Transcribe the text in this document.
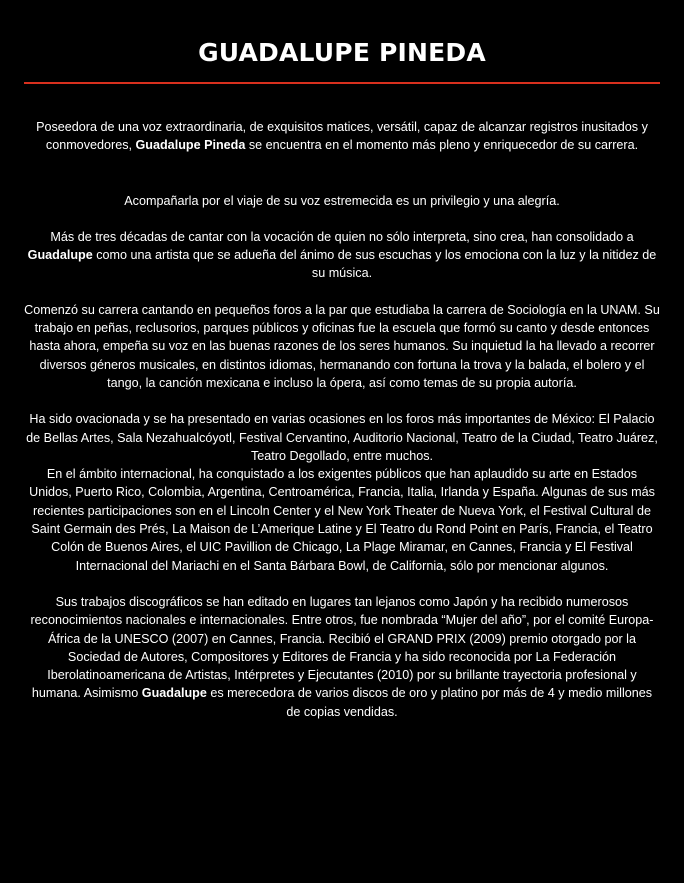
GUADALUPE PINEDA

Poseedora de una voz extraordinaria, de exquisitos matices, versátil, capaz de alcanzar registros inusitados y conmovedores, Guadalupe Pineda se encuentra en el momento más pleno y enriquecedor de su carrera.

Acompañarla por el viaje de su voz estremecida es un privilegio y una alegría.

Más de tres décadas de cantar con la vocación de quien no sólo interpreta, sino crea, han consolidado a Guadalupe como una artista que se adueña del ánimo de sus escuchas y los emociona con la luz y la nitidez de su música.

Comenzó su carrera cantando en pequeños foros a la par que estudiaba la carrera de Sociología en la UNAM. Su trabajo en peñas, reclusorios, parques públicos y oficinas fue la escuela que formó su canto y desde entonces hasta ahora, empeña su voz en las buenas razones de los seres humanos. Su inquietud la ha llevado a recorrer diversos géneros musicales, en distintos idiomas, hermanando con fortuna la trova y la balada, el bolero y el tango, la canción mexicana e incluso la ópera, así como temas de su propia autoría.

Ha sido ovacionada y se ha presentado en varias ocasiones en los foros más importantes de México: El Palacio de Bellas Artes, Sala Nezahualcóyotl, Festival Cervantino, Auditorio Nacional, Teatro de la Ciudad, Teatro Juárez, Teatro Degollado, entre muchos.

En el ámbito internacional, ha conquistado a los exigentes públicos que han aplaudido su arte en Estados Unidos, Puerto Rico, Colombia, Argentina, Centroamérica, Francia, Italia, Irlanda y España. Algunas de sus más recientes participaciones son en el Lincoln Center y el New York Theater de Nueva York, el Festival Cultural de Saint Germain des Prés, La Maison de L’Amerique Latine y El Teatro du Rond Point en París, Francia, el Teatro Colón de Buenos Aires, el UIC Pavillion de Chicago, La Plage Miramar, en Cannes, Francia y El Festival Internacional del Mariachi en el Santa Bárbara Bowl, de California, sólo por mencionar algunos.

Sus trabajos discográficos se han editado en lugares tan lejanos como Japón y ha recibido numerosos reconocimientos nacionales e internacionales. Entre otros, fue nombrada “Mujer del año”, por el comité Europa-África de la UNESCO (2007) en Cannes, Francia. Recibió el GRAND PRIX (2009) premio otorgado por la Sociedad de Autores, Compositores y Editores de Francia y ha sido reconocida por La Federación Iberolatinoamericana de Artistas, Intérpretes y Ejecutantes (2010) por su brillante trayectoria profesional y humana. Asimismo Guadalupe es merecedora de varios discos de oro y platino por más de 4 y medio millones de copias vendidas.
